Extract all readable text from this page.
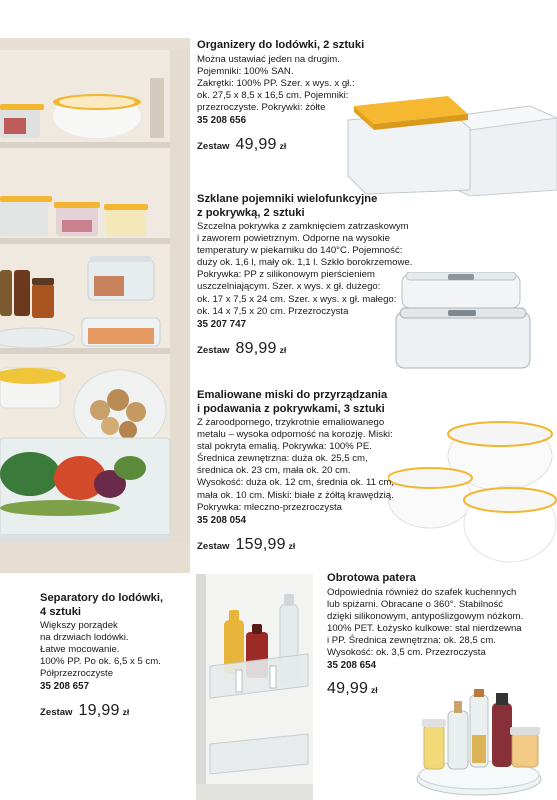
Organizery do lodówki, 2 sztuki
Można ustawiać jeden na drugim.
Pojemniki: 100% SAN.
Zakrętki: 100% PP. Szer. x wys. x gł.:
ok. 27,5 x 8,5 x 16,5 cm. Pojemniki:
przezroczyste. Pokrywki: żółte
35 208 656
Zestaw 49,99 zł
Szklane pojemniki wielofunkcyjne
z pokrywką, 2 sztuki
Szczelna pokrywka z zamknięciem zatrzaskowym
i zaworem powietrznym. Odporne na wysokie
temperatury w piekarniku do 140°C. Pojemność:
duży ok. 1,6 l, mały ok. 1,1 l. Szkło borokrzemowe.
Pokrywka: PP z silikonowym pierścieniem
uszczelniającym. Szer. x wys. x gł. dużego:
ok. 17 x 7,5 x 24 cm. Szer. x wys. x gł. małego:
ok. 14 x 7,5 x 20 cm. Przezroczysta
35 207 747
Zestaw 89,99 zł
Emaliowane miski do przyrządzania
i podawania z pokrywkami, 3 sztuki
Z żaroodpornego, trzykrotnie emaliowanego
metalu – wysoka odporność na korozję. Miski:
stal pokryta emalią. Pokrywka: 100% PE.
Średnica zewnętrzna: duża ok. 25,5 cm,
średnica ok. 23 cm, mała ok. 20 cm.
Wysokość: duża ok. 12 cm, średnia ok. 11 cm,
mała ok. 10 cm. Miski: białe z żółtą krawędzią.
Pokrywka: mleczno-przezroczysta
35 208 054
Zestaw 159,99 zł
Separatory do lodówki,
4 sztuki
Większy porządek
na drzwiach lodówki.
Łatwe mocowanie.
100% PP. Po ok. 6,5 x 5 cm.
Półprzezroczyste
35 208 657
Zestaw 19,99 zł
Obrotowa patera
Odpowiednia również do szafek kuchennych
lub spiżarni. Obracane o 360°. Stabilność
dzięki silikonowym, antypoślizgowym nóżkom.
100% PET. Łożysko kulkowe: stal nierdzewna
i PP. Średnica zewnętrzna: ok. 28,5 cm.
Wysokość: ok. 3,5 cm. Przezroczysta
35 208 654
49,99 zł
